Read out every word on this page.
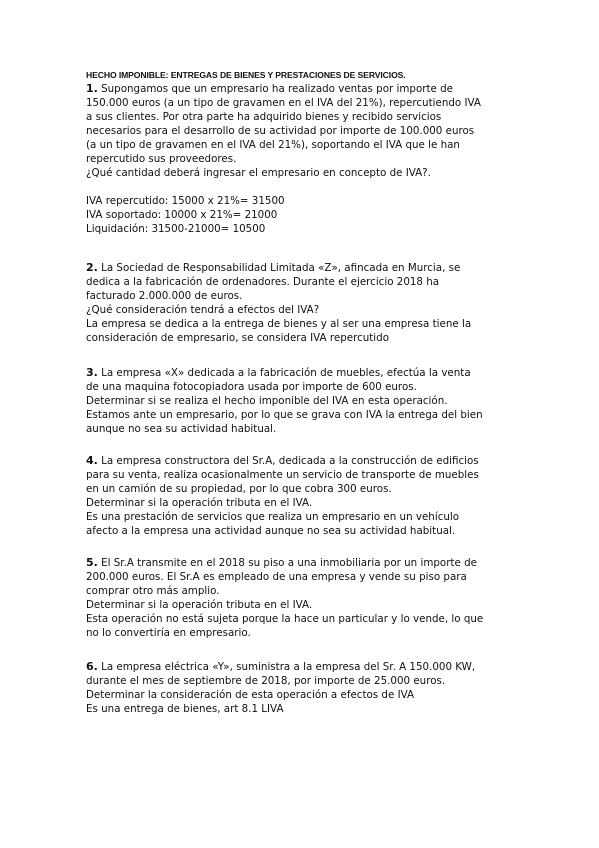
HECHO IMPONIBLE: ENTREGAS DE BIENES Y PRESTACIONES DE SERVICIOS.
1. Supongamos que un empresario ha realizado ventas por importe de
150.000 euros (a un tipo de gravamen en el IVA del 21%), repercutiendo IVA
a sus clientes. Por otra parte ha adquirido bienes y recibido servicios
necesarios para el desarrollo de su actividad por importe de 100.000 euros
(a un tipo de gravamen en el IVA del 21%), soportando el IVA que le han
repercutido sus proveedores.
¿Qué cantidad deberá ingresar el empresario en concepto de IVA?.
IVA repercutido: 15000 x 21%= 31500
IVA soportado: 10000 x 21%= 21000
Liquidación: 31500-21000= 10500
2. La Sociedad de Responsabilidad Limitada «Z», afincada en Murcia, se
dedica a la fabricación de ordenadores. Durante el ejercicio 2018 ha
facturado 2.000.000 de euros.
¿Qué consideración tendrá a efectos del IVA?
La empresa se dedica a la entrega de bienes y al ser una empresa tiene la
consideración de empresario, se considera IVA repercutido
3. La empresa «X» dedicada a la fabricación de muebles, efectúa la venta
de una maquina fotocopiadora usada por importe de 600 euros.
Determinar si se realiza el hecho imponible del IVA en esta operación.
Estamos ante un empresario, por lo que se grava con IVA la entrega del bien
aunque no sea su actividad habitual.
4. La empresa constructora del Sr.A, dedicada a la construcción de edificios
para su venta, realiza ocasionalmente un servicio de transporte de muebles
en un camión de su propiedad, por lo que cobra 300 euros.
Determinar si la operación tributa en el IVA.
Es una prestación de servicios que realiza un empresario en un vehículo
afecto a la empresa una actividad aunque no sea su actividad habitual.
5. El Sr.A transmite en el 2018 su piso a una inmobiliaria por un importe de
200.000 euros. El Sr.A es empleado de una empresa y vende su piso para
comprar otro más amplio.
Determinar si la operación tributa en el IVA.
Esta operación no está sujeta porque la hace un particular y lo vende, lo que
no lo convertiría en empresario.
6. La empresa eléctrica «Y», suministra a la empresa del Sr. A 150.000 KW,
durante el mes de septiembre de 2018, por importe de 25.000 euros.
Determinar la consideración de esta operación a efectos de IVA
Es una entrega de bienes, art 8.1 LIVA
